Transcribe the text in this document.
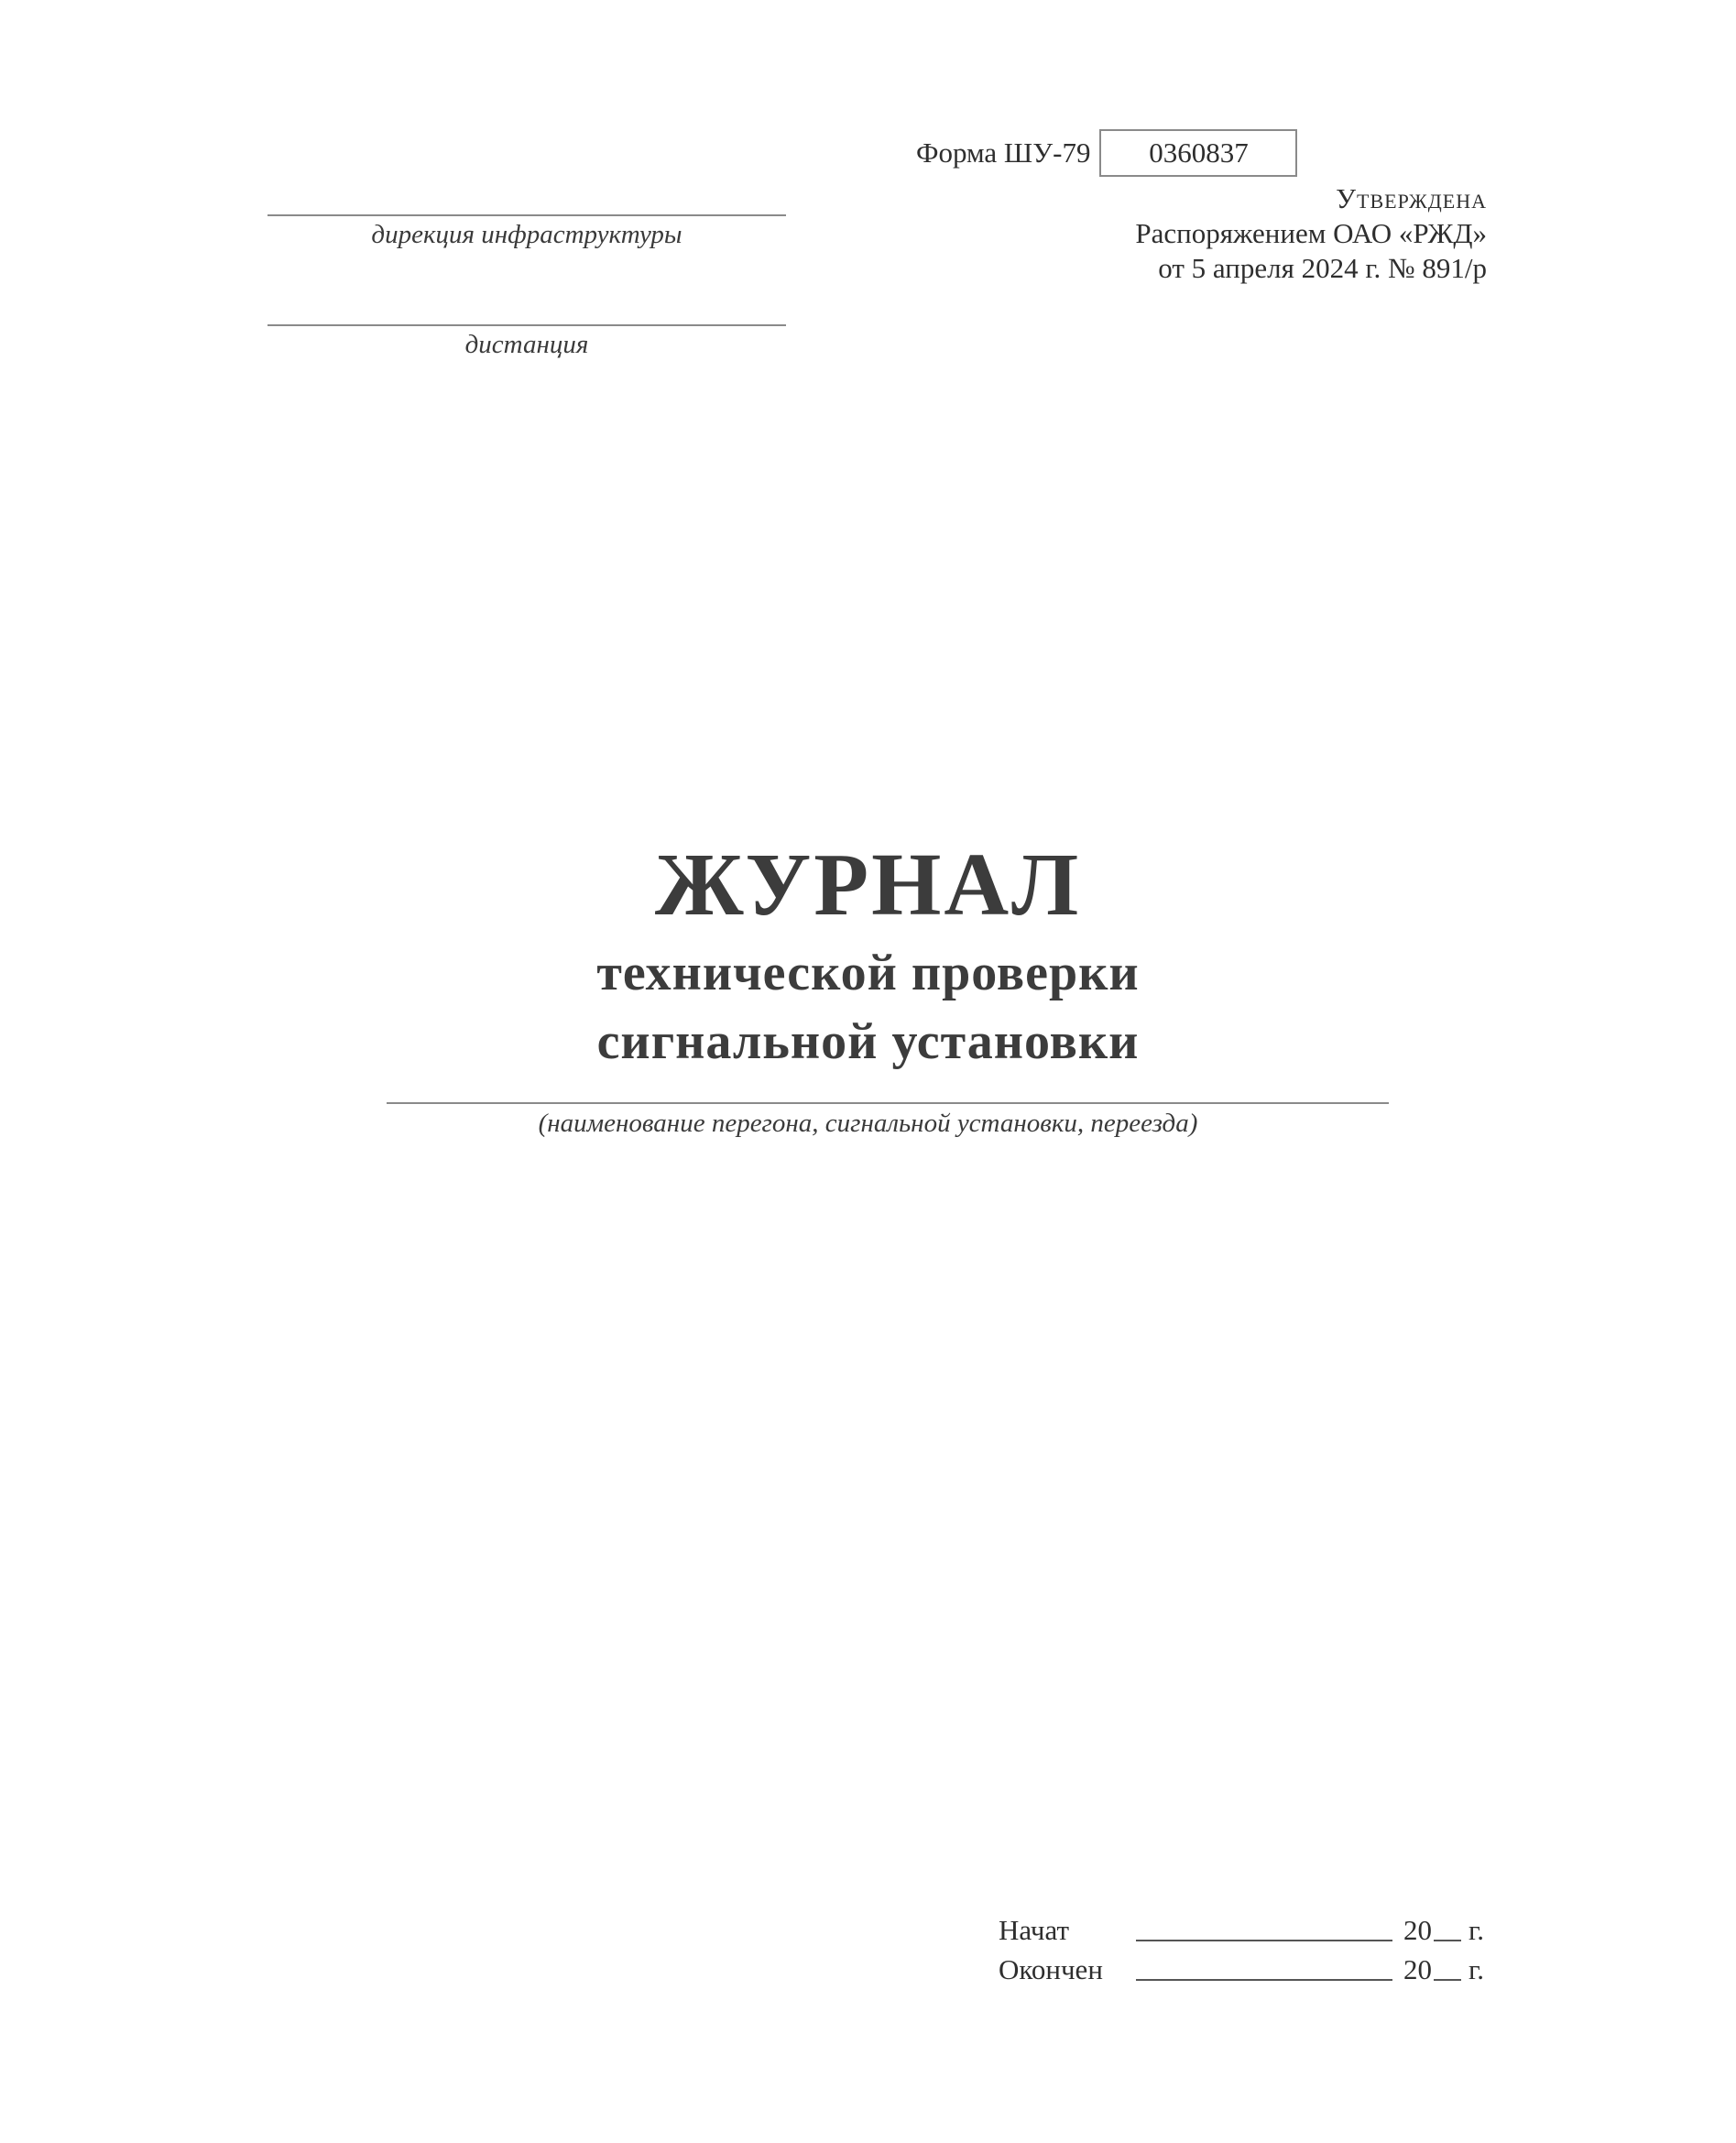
дирекция инфраструктуры
дистанция
Форма ШУ-79 0360837
Утверждена
Распоряжением ОАО «РЖД»
от 5 апреля 2024 г. № 891/р
ЖУРНАЛ
технической проверки
сигнальной установки
(наименование перегона, сигнальной установки, переезда)
Начат	20 г.
Окончен	20 г.
